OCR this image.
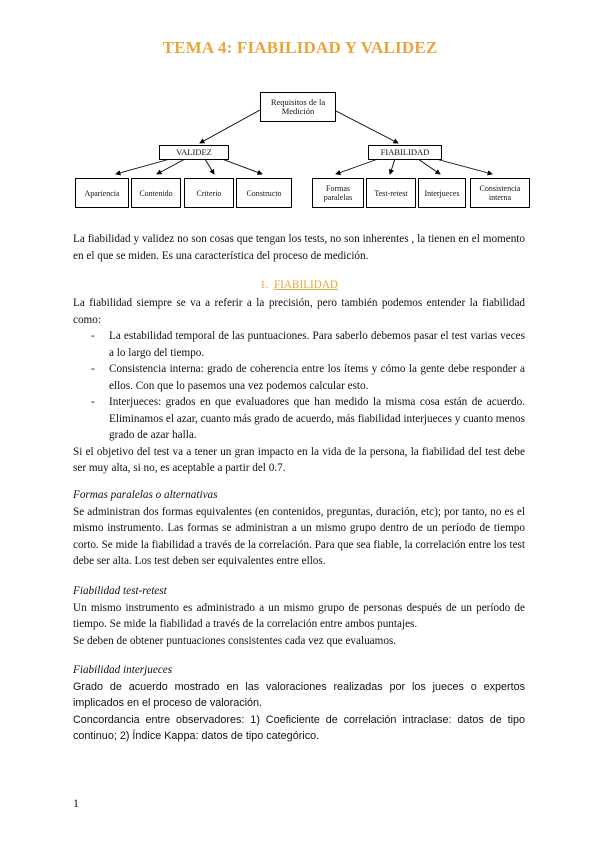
TEMA 4: FIABILIDAD Y VALIDEZ
Requisitos de la Medición
VALIDEZ	FIABILIDAD
Apariencia	Contenido	Criterio	Constructo	Formas paralelas	Test-retest	Interjueces	Consistencia interna

La fiabilidad y validez no son cosas que tengan los tests, no son inherentes , la tienen en el momento en el que se miden. Es una característica del proceso de medición.

1. FIABILIDAD

La fiabilidad siempre se va a referir a la precisión, pero también podemos entender la fiabilidad como:

-	La estabilidad temporal de las puntuaciones. Para saberlo debemos pasar el test varias veces a lo largo del tiempo.
-	Consistencia interna: grado de coherencia entre los ítems y cómo la gente debe responder a ellos. Con que lo pasemos una vez podemos calcular esto.
-	Interjueces: grados en que evaluadores que han medido la misma cosa están de acuerdo. Eliminamos el azar, cuanto más grado de acuerdo, más fiabilidad interjueces y cuanto menos grado de azar halla.

Si el objetivo del test va a tener un gran impacto en la vida de la persona, la fiabilidad del test debe ser muy alta, si no, es aceptable a partir del 0.7.

Formas paralelas o alternativas

Se administran dos formas equivalentes (en contenidos, preguntas, duración, etc); por tanto, no es el mismo instrumento. Las formas se administran a un mismo grupo dentro de un período de tiempo corto. Se mide la fiabilidad a través de la correlación. Para que sea fiable, la correlación entre los test debe ser alta. Los test deben ser equivalentes entre ellos.

Fiabilidad test-retest

Un mismo instrumento es administrado a un mismo grupo de personas después de un período de tiempo. Se mide la fiabilidad a través de la correlación entre ambos puntajes.

Se deben de obtener puntuaciones consistentes cada vez que evaluamos.

Fiabilidad interjueces

Grado de acuerdo mostrado en las valoraciones realizadas por los jueces o expertos implicados en el proceso de valoración.

Concordancia entre observadores: 1) Coeficiente de correlación intraclase: datos de tipo continuo; 2) Índice Kappa: datos de tipo categórico.

1
